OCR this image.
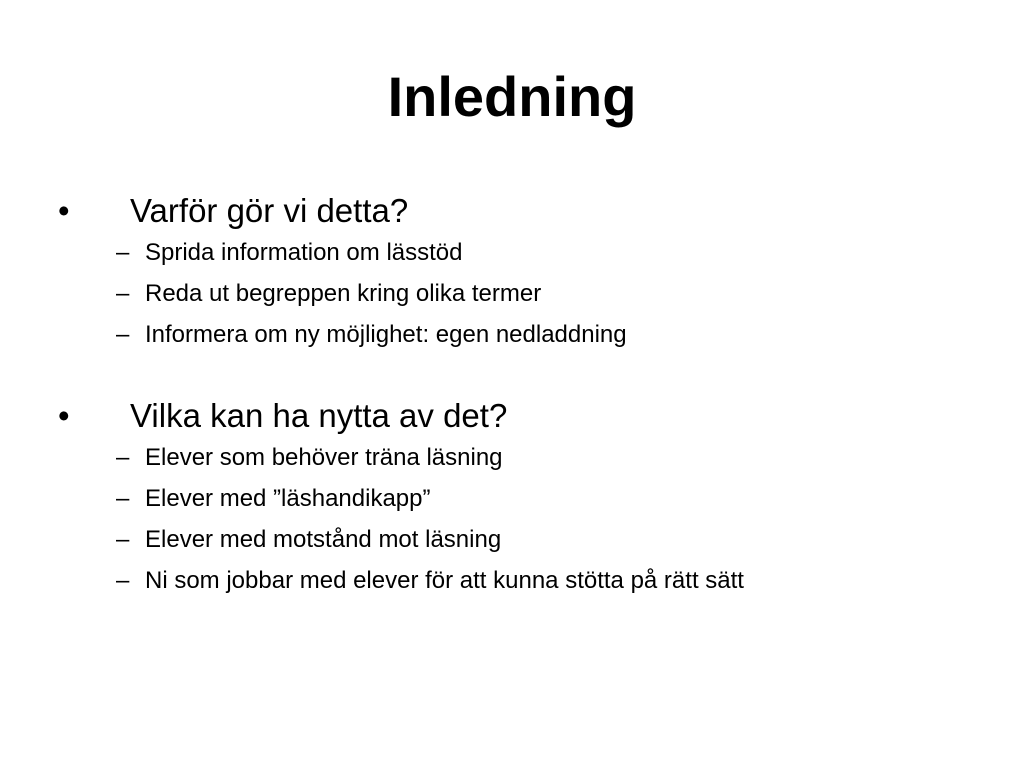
Inledning
• Varför gör vi detta?
– Sprida information om lässtöd
– Reda ut begreppen kring olika termer
– Informera om ny möjlighet: egen nedladdning
• Vilka kan ha nytta av det?
– Elever som behöver träna läsning
– Elever med ”läshandikapp”
– Elever med motstånd mot läsning
– Ni som jobbar med elever för att kunna stötta på rätt sätt
